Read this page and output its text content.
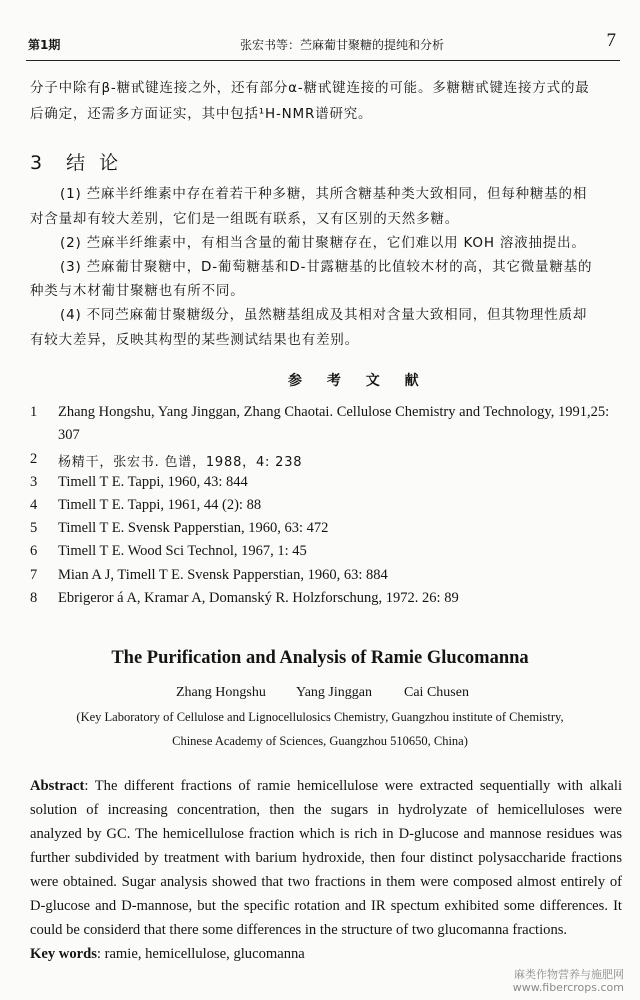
第1期	张宏书等：苎麻葡甘聚糖的提纯和分析	7
分子中除有β-糖甙键连接之外，还有部分α-糖甙键连接的可能。多糖糖甙键连接方式的最
后确定，还需多方面证实，其中包括¹H-NMR谱研究。
3 结 论
(1) 苎麻半纤维素中存在着若干种多糖，其所含糖基种类大致相同，但每种糖基的相
对含量却有较大差别，它们是一组既有联系，又有区别的天然多糖。
(2) 苎麻半纤维素中，有相当含量的葡甘聚糖存在，它们难以用 KOH 溶液抽提出。
(3) 苎麻葡甘聚糖中，D-葡萄糖基和D-甘露糖基的比值较木材的高，其它微量糖基的
种类与木材葡甘聚糖也有所不同。
(4) 不同苎麻葡甘聚糖级分，虽然糖基组成及其相对含量大致相同，但其物理性质却
有较大差异，反映其构型的某些测试结果也有差别。
参 考 文 献
1 Zhang Hongshu, Yang Jinggan, Zhang Chaotai. Cellulose Chemistry and Technology, 1991,25:
307
2 杨精干，张宏书. 色谱，1988，4: 238
3 Timell T E. Tappi, 1960, 43: 844
4 Timell T E. Tappi, 1961, 44 (2): 88
5 Timell T E. Svensk Papperstian, 1960, 63: 472
6 Timell T E. Wood Sci Technol, 1967, 1: 45
7 Mian A J, Timell T E. Svensk Papperstian, 1960, 63: 884
8 Ebrigeror á A, Kramar A, Domanský R. Holzforschung, 1972. 26: 89
The Purification and Analysis of Ramie Glucomanna
Zhang Hongshu Yang Jinggan Cai Chusen
(Key Laboratory of Cellulose and Lignocellulosics Chemistry, Guangzhou institute of Chemistry,
Chinese Academy of Sciences, Guangzhou 510650, China)
Abstract: The different fractions of ramie hemicellulose were extracted sequentially with alkali
solution of increasing concentration, then the sugars in hydrolyzate of hemicelluloses were
analyzed by GC. The hemicellulose fraction which is rich in D-glucose and mannose residues was
further subdivided by treatment with barium hydroxide, then four distinct polysaccharide fractions
were obtained. Sugar analysis showed that two fractions in them were composed almost entirely of
D-glucose and D-mannose, but the specific rotation and IR spectum exhibited some differences. It
could be considerd that there some differences in the structure of two glucomanna fractions.
Key words: ramie, hemicellulose, glucomanna
麻类作物营养与施肥网
www.fibercrops.com
